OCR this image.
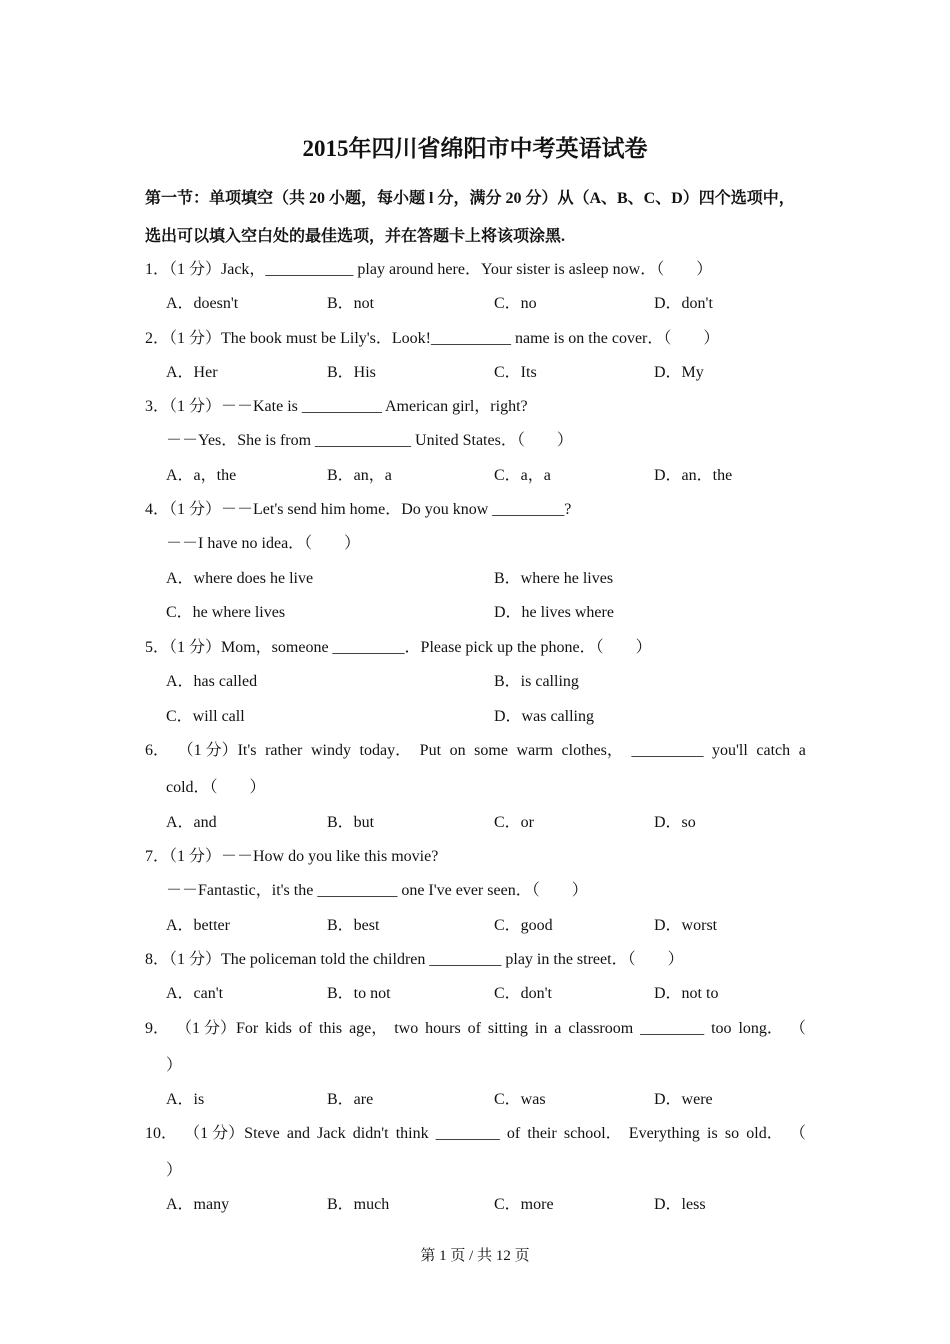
2015年四川省绵阳市中考英语试卷
第一节：单项填空（共 20 小题，每小题 l 分，满分 20 分）从（A、B、C、D）四个选项中，
选出可以填入空白处的最佳选项，并在答题卡上将该项涂黑.
1．（1 分）Jack，___________ play around here．Your sister is asleep now．（　　）
A．doesn't	B．not	C．no	D．don't
2．（1 分）The book must be Lily's．Look!__________ name is on the cover．（　　）
A．Her	B．His	C．Its	D．My
3．（1 分）－－Kate is __________ American girl，right?
－－Yes．She is from ____________ United States．（　　）
A．a，the	B．an，a	C．a，a	D．an．the
4．（1 分）－－Let's send him home．Do you know _________?
－－I have no idea．（　　）
A．where does he live	B．where he lives
C．he where lives	D．he lives where
5．（1 分）Mom，someone _________．Please pick up the phone．（　　）
A．has called	B．is calling
C．will call	D．was calling
6． （1 分）It's rather windy today． Put on some warm clothes， _________ you'll catch a
cold．（　　）
A．and	B．but	C．or	D．so
7．（1 分）－－How do you like this movie?
－－Fantastic，it's the __________ one I've ever seen．（　　）
A．better	B．best	C．good	D．worst
8．（1 分）The policeman told the children _________ play in the street．（　　）
A．can't	B．to not	C．don't	D．not to
9． （1 分）For kids of this age， two hours of sitting in a classroom ________ too long． （
）
A．is	B．are	C．was	D．were
10． （1 分）Steve and Jack didn't think ________ of their school． Everything is so old． （
）
A．many	B．much	C．more	D．less
第 1 页 / 共 12 页
